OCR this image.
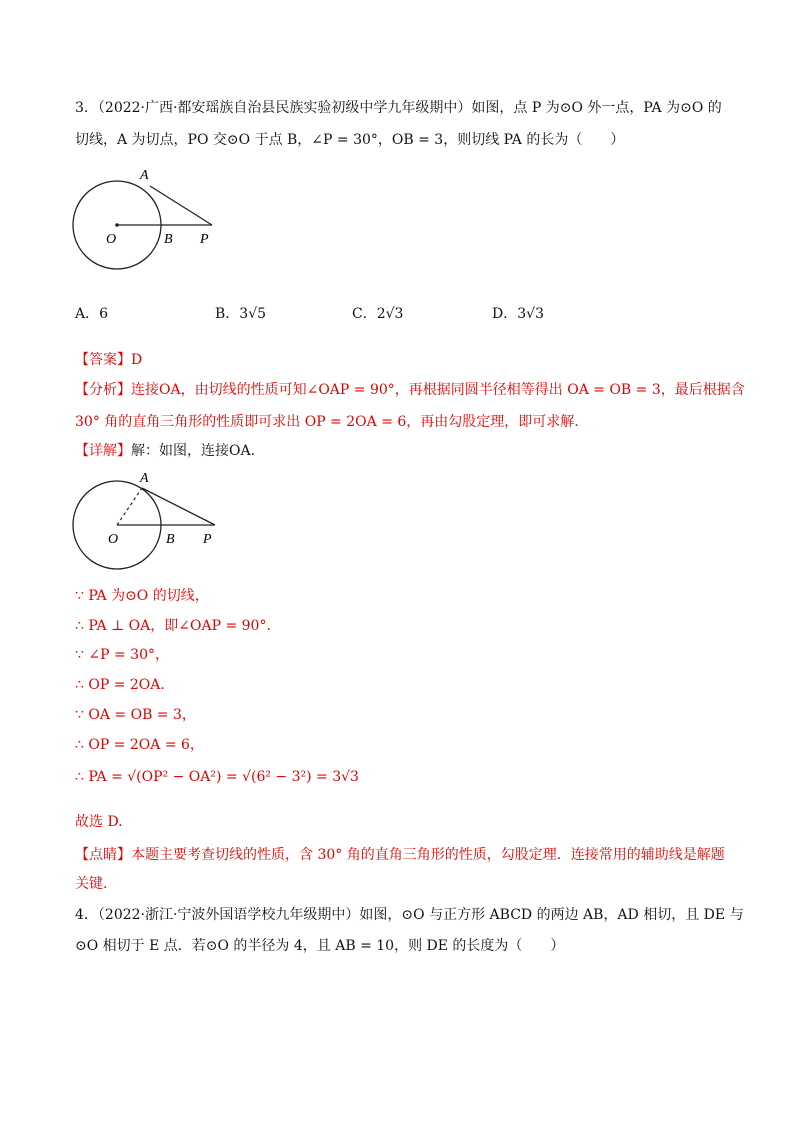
3．（2022·广西·都安瑶族自治县民族实验初级中学九年级期中）如图，点 P 为⊙O 外一点，PA 为⊙O 的
切线，A 为切点，PO 交⊙O 于点 B，∠P = 30°，OB = 3，则切线 PA 的长为（　　）
A
O	B P
A．6	B．3√5	C．2√3	D．3√3
【答案】D
【分析】连接OA，由切线的性质可知∠OAP = 90°，再根据同圆半径相等得出 OA = OB = 3，最后根据含
30° 角的直角三角形的性质即可求出 OP = 2OA = 6，再由勾股定理，即可求解.
【详解】解：如图，连接OA.
A
O	B P
∵ PA 为⊙O 的切线，
∴ PA ⊥ OA，即∠OAP = 90°.
∵ ∠P = 30°，
∴ OP = 2OA.
∵ OA = OB = 3，
∴ OP = 2OA = 6，
∴ PA = √(OP² − OA²) = √(6² − 3²) = 3√3
故选 D.
【点睛】本题主要考查切线的性质，含 30° 角的直角三角形的性质，勾股定理．连接常用的辅助线是解题
关键.
4．（2022·浙江·宁波外国语学校九年级期中）如图，⊙O 与正方形 ABCD 的两边 AB，AD 相切，且 DE 与
⊙O 相切于 E 点．若⊙O 的半径为 4，且 AB = 10，则 DE 的长度为（　　）
